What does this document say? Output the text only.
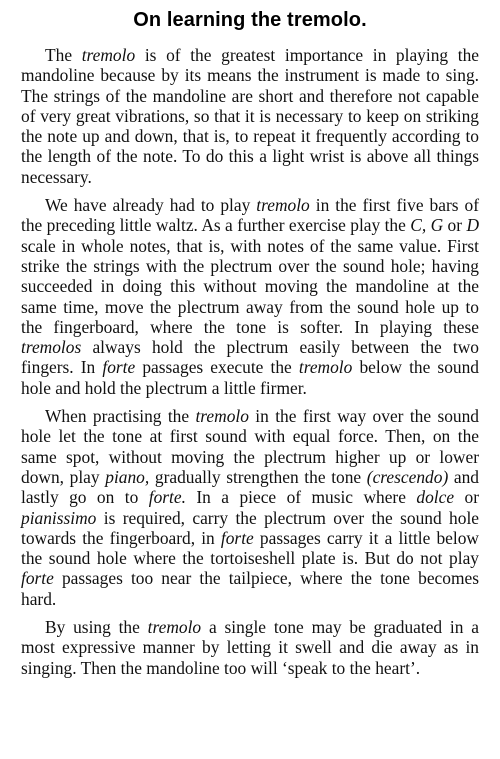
On learning the tremolo.

The tremolo is of the greatest importance in playing the mandoline because by its means the instrument is made to sing. The strings of the mandoline are short and therefore not capable of very great vibrations, so that it is necessary to keep on striking the note up and down, that is, to repeat it frequently according to the length of the note. To do this a light wrist is above all things necessary.

We have already had to play tremolo in the first five bars of the preceding little waltz. As a further exercise play the C, G or D scale in whole notes, that is, with notes of the same value. First strike the strings with the plectrum over the sound hole; having succeeded in doing this without moving the mandoline at the same time, move the plectrum away from the sound hole up to the fingerboard, where the tone is softer. In playing these tremolos always hold the plectrum easily between the two fingers. In forte passages execute the tremolo below the sound hole and hold the plectrum a little firmer.

When practising the tremolo in the first way over the sound hole let the tone at first sound with equal force. Then, on the same spot, without moving the plectrum higher up or lower down, play piano, gradually strengthen the tone (crescendo) and lastly go on to forte. In a piece of music where dolce or pianissimo is required, carry the plectrum over the sound hole towards the fingerboard, in forte passages carry it a little below the sound hole where the tortoiseshell plate is. But do not play forte passages too near the tailpiece, where the tone becomes hard.

By using the tremolo a single tone may be graduated in a most expressive manner by letting it swell and die away as in singing. Then the mandoline too will ‘speak to the heart’.
